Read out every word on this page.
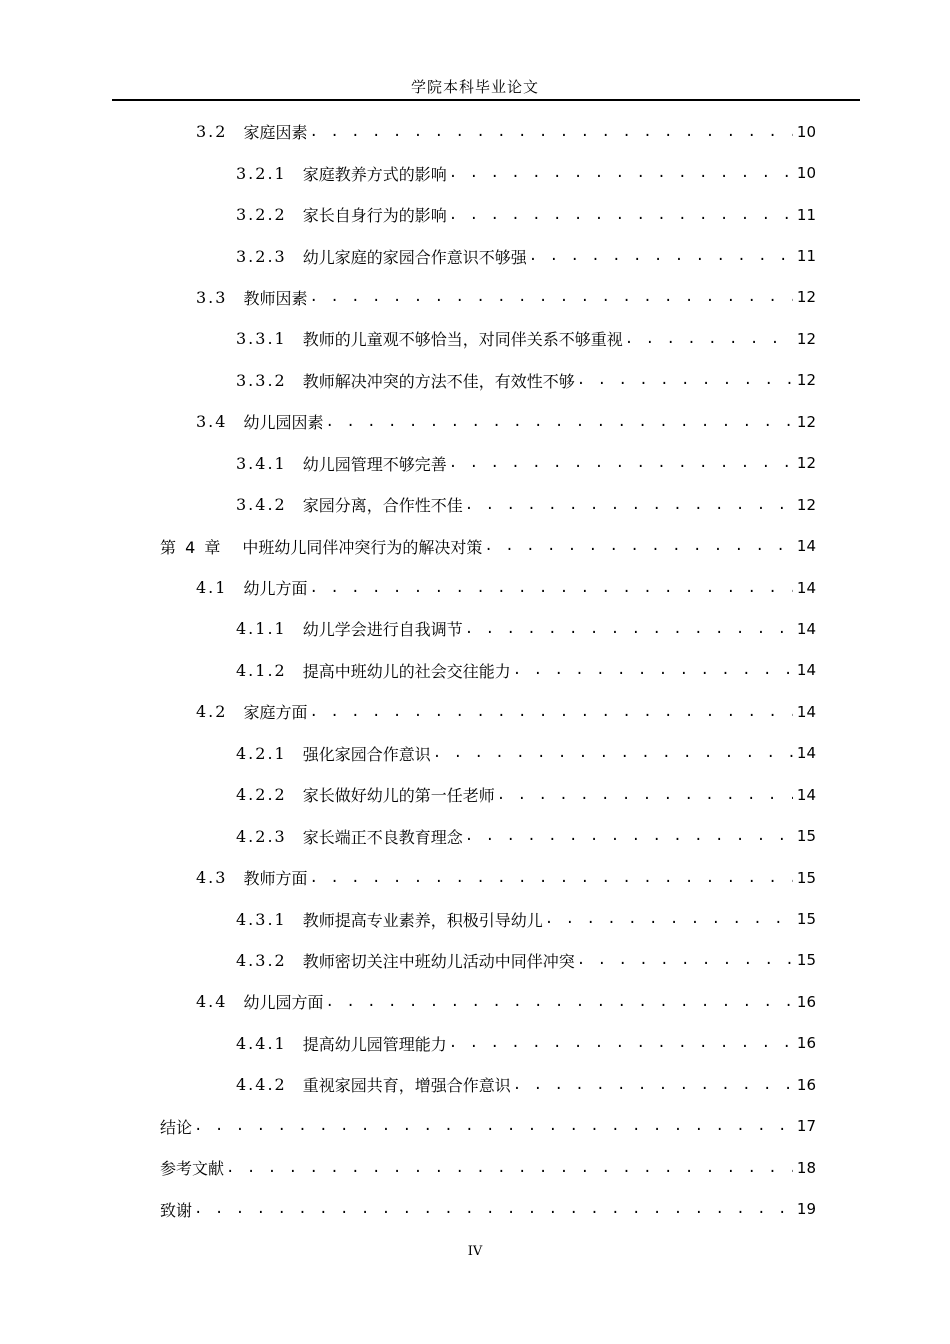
学院本科毕业论文
3.2 家庭因素 . . .	10
3.2.1 家庭教养方式的影响 . . .	10
3.2.2 家长自身行为的影响 . . .	11
3.2.3 幼儿家庭的家园合作意识不够强 . . .	11
3.3 教师因素 . . .	12
3.3.1 教师的儿童观不够恰当，对同伴关系不够重视 . . .	12
3.3.2 教师解决冲突的方法不佳，有效性不够 . . .	12
3.4 幼儿园因素 . . .	12
3.4.1 幼儿园管理不够完善 . . .	12
3.4.2 家园分离，合作性不佳 . . .	12
第 4 章 中班幼儿同伴冲突行为的解决对策 . . .	14
4.1 幼儿方面 . . .	14
4.1.1 幼儿学会进行自我调节 . . .	14
4.1.2 提高中班幼儿的社会交往能力 . . .	14
4.2 家庭方面 . . .	14
4.2.1 强化家园合作意识 . . .	14
4.2.2 家长做好幼儿的第一任老师 . . .	14
4.2.3 家长端正不良教育理念 . . .	15
4.3 教师方面 . . .	15
4.3.1 教师提高专业素养，积极引导幼儿 . . .	15
4.3.2 教师密切关注中班幼儿活动中同伴冲突 . . .	15
4.4 幼儿园方面 . . .	16
4.4.1 提高幼儿园管理能力 . . .	16
4.4.2 重视家园共育，增强合作意识 . . .	16
结论 . . .	17
参考文献 . . .	18
致谢 . . .	19
IV
